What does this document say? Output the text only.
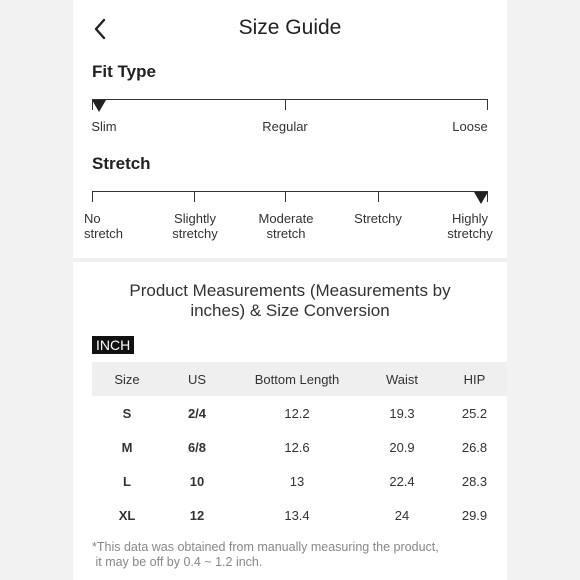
Size Guide
Fit Type
Slim	Regular	Loose
Stretch
No
stretch
Slightly
stretchy
Moderate
stretch
Stretchy	Highly
stretchy
Product Measurements (Measurements by
inches) & Size Conversion
INCH
Size	US	Bottom Length	Waist	HIP
S	2/4	12.2	19.3	25.2
M	6/8	12.6	20.9	26.8
L	10	13	22.4	28.3
XL	12	13.4	24	29.9
*This data was obtained from manually measuring the product,
it may be off by 0.4 ~ 1.2 inch.
